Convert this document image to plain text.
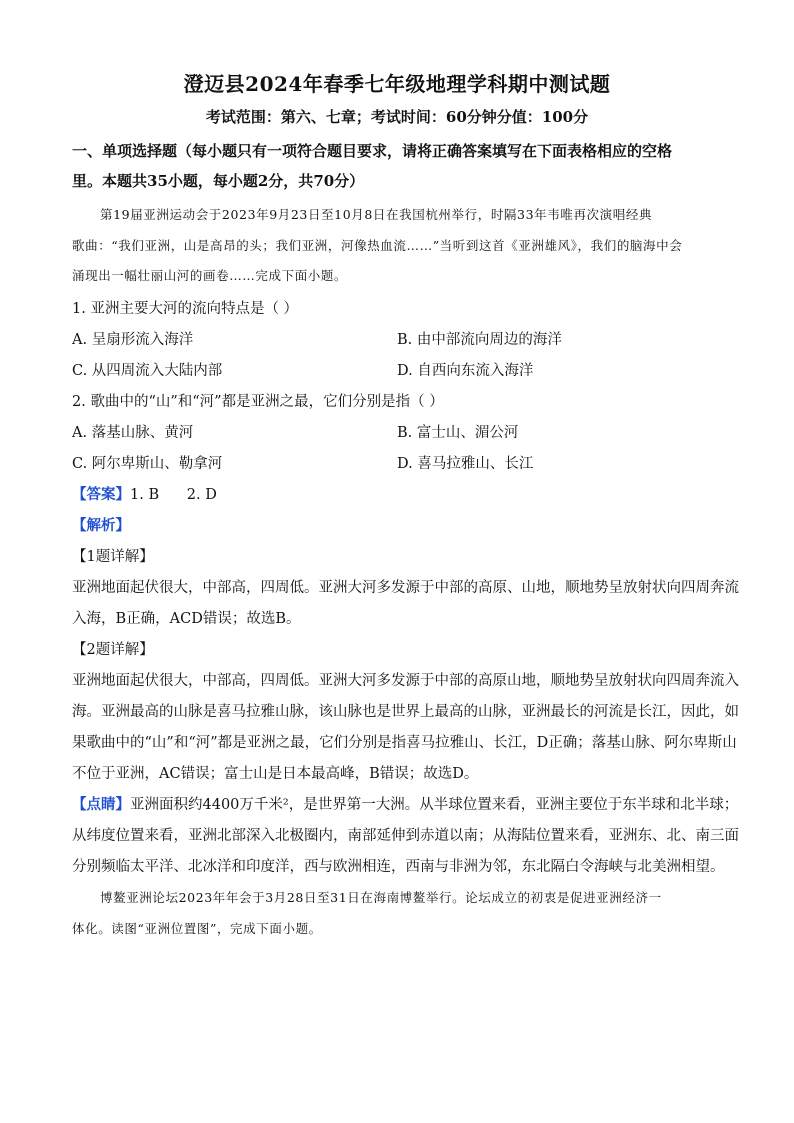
澄迈县2024年春季七年级地理学科期中测试题
考试范围：第六、七章；考试时间：60分钟分值：100分
一、单项选择题（每小题只有一项符合题目要求，请将正确答案填写在下面表格相应的空格
里。本题共35小题，每小题2分，共70分）
第19届亚洲运动会于2023年9月23日至10月8日在我国杭州举行，时隔33年韦唯再次演唱经典
歌曲：“我们亚洲，山是高昂的头；我们亚洲，河像热血流……”当听到这首《亚洲雄风》，我们的脑海中会
涌现出一幅壮丽山河的画卷……完成下面小题。
1. 亚洲主要大河的流向特点是（ ）
A. 呈扇形流入海洋	B. 由中部流向周边的海洋
C. 从四周流入大陆内部	D. 自西向东流入海洋
2. 歌曲中的“山”和“河”都是亚洲之最，它们分别是指（ ）
A. 落基山脉、黄河	B. 富士山、湄公河
C. 阿尔卑斯山、勒拿河	D. 喜马拉雅山、长江
【答案】1. B      2. D
【解析】
【1题详解】
亚洲地面起伏很大，中部高，四周低。亚洲大河多发源于中部的高原、山地，顺地势呈放射状向四周奔流
入海，B正确，ACD错误；故选B。
【2题详解】
亚洲地面起伏很大，中部高，四周低。亚洲大河多发源于中部的高原山地，顺地势呈放射状向四周奔流入
海。亚洲最高的山脉是喜马拉雅山脉，该山脉也是世界上最高的山脉，亚洲最长的河流是长江，因此，如
果歌曲中的“山”和“河”都是亚洲之最，它们分别是指喜马拉雅山、长江，D正确；落基山脉、阿尔卑斯山
不位于亚洲，AC错误；富士山是日本最高峰，B错误；故选D。
【点睛】亚洲面积约4400万千米²，是世界第一大洲。从半球位置来看，亚洲主要位于东半球和北半球；
从纬度位置来看，亚洲北部深入北极圈内，南部延伸到赤道以南；从海陆位置来看，亚洲东、北、南三面
分别频临太平洋、北冰洋和印度洋，西与欧洲相连，西南与非洲为邻，东北隔白令海峡与北美洲相望。
博鳌亚洲论坛2023年年会于3月28日至31日在海南博鳌举行。论坛成立的初衷是促进亚洲经济一
体化。读图“亚洲位置图”，完成下面小题。
